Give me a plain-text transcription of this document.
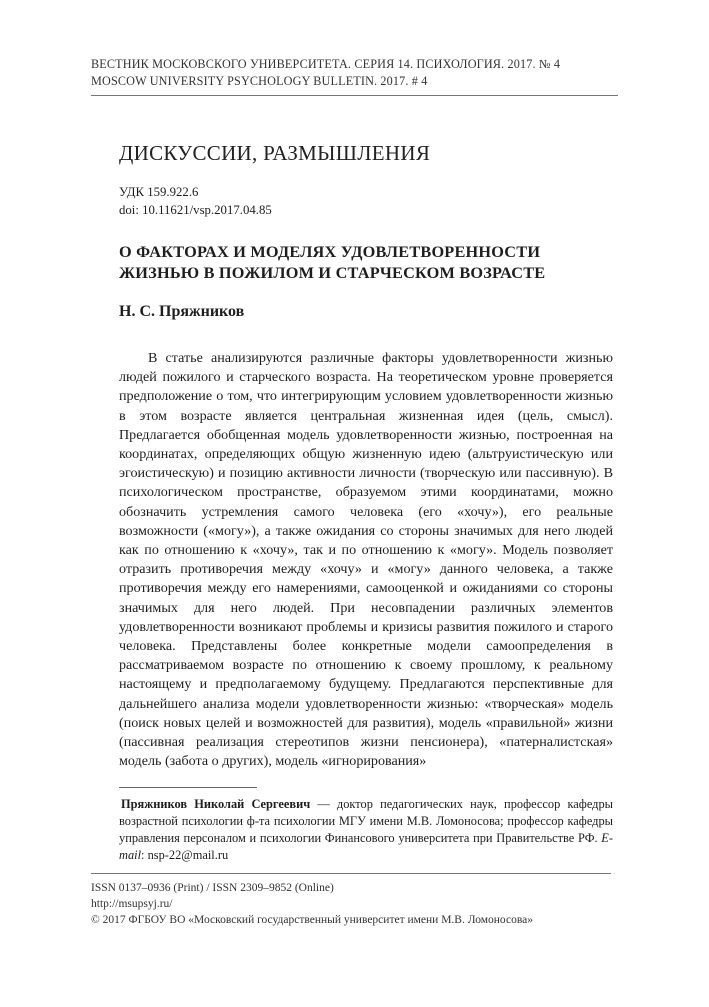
ВЕСТНИК МОСКОВСКОГО УНИВЕРСИТЕТА. СЕРИЯ 14. ПСИХОЛОГИЯ. 2017. № 4
MOSCOW UNIVERSITY PSYCHOLOGY BULLETIN. 2017. # 4
ДИСКУССИИ, РАЗМЫШЛЕНИЯ
УДК 159.922.6
doi: 10.11621/vsp.2017.04.85
О ФАКТОРАХ И МОДЕЛЯХ УДОВЛЕТВОРЕННОСТИ
ЖИЗНЬЮ В ПОЖИЛОМ И СТАРЧЕСКОМ ВОЗРАСТЕ
Н. С. Пряжников

В статье анализируются различные факторы удовлетворенности жизнью людей пожилого и старческого возраста. На теоретическом уровне проверяется предположение о том, что интегрирующим условием удовлетворенности жизнью в этом возрасте является центральная жизненная идея (цель, смысл). Предлагается обобщенная модель удовлетворенности жизнью, построенная на координатах, определяющих общую жизненную идею (альтруистическую или эгоистическую) и позицию активности личности (творческую или пассивную). В психологическом пространстве, образуемом этими координатами, можно обозначить устремления самого человека (его «хочу»), его реальные возможности («могу»), а также ожидания со стороны значимых для него людей как по отношению к «хочу», так и по отношению к «могу». Модель позволяет отразить противоречия между «хочу» и «могу» данного человека, а также противоречия между его намерениями, самооценкой и ожиданиями со стороны значимых для него людей. При несовпадении различных элементов удовлетворенности возникают проблемы и кризисы развития пожилого и старого человека. Представлены более конкретные модели самоопределения в рассматриваемом возрасте по отношению к своему прошлому, к реальному настоящему и предполагаемому будущему. Предлагаются перспективные для дальнейшего анализа модели удовлетворенности жизнью: «творческая» модель (поиск новых целей и возможностей для развития), модель «правильной» жизни (пассивная реализация стереотипов жизни пенсионера), «патерналистская» модель (забота о других), модель «игнорирования»

Пряжников Николай Сергеевич — доктор педагогических наук, профессор кафедры возрастной психологии ф-та психологии МГУ имени М.В. Ломоносова; профессор кафедры управления персоналом и психологии Финансового университета при Правительстве РФ. E-mail: nsp-22@mail.ru

ISSN 0137–0936 (Print) / ISSN 2309–9852 (Online)
http://msupsyj.ru/
© 2017 ФГБОУ ВО «Московский государственный университет имени М.В. Ломоносова»
